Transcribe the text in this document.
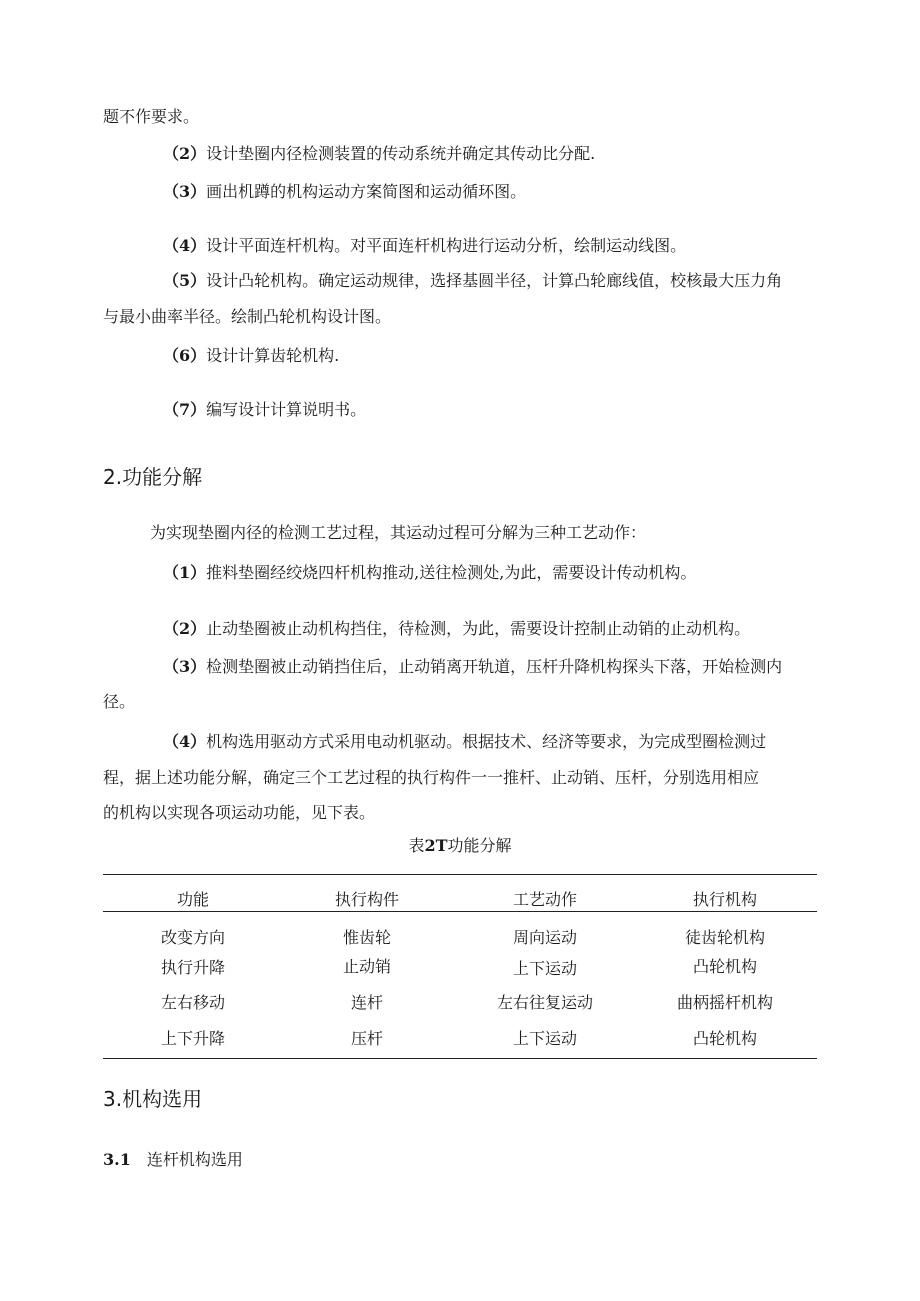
题不作要求。
（2）设计垫圈内径检测装置的传动系统并确定其传动比分配.
（3）画出机蹲的机构运动方案简图和运动循环图。
（4）设计平面连杆机构。对平面连杆机构进行运动分析，绘制运动线图。
（5）设计凸轮机构。确定运动规律，选择基圆半径，计算凸轮廊线值，校核最大压力角
与最小曲率半径。绘制凸轮机构设计图。
（6）设计计算齿轮机构.
（7）编写设计计算说明书。
2.功能分解
为实现垫圈内径的检测工艺过程，其运动过程可分解为三种工艺动作：
（1）推料垫圈经绞烧四杆机构推动,送往检测处,为此，需要设计传动机构。
（2）止动垫圈被止动机构挡住，待检测，为此，需要设计控制止动销的止动机构。
（3）检测垫圈被止动销挡住后，止动销离开轨道，压杆升降机构探头下落，开始检测内
径。
（4）机构选用驱动方式采用电动机驱动。根据技术、经济等要求，为完成型圈检测过
程，据上述功能分解，确定三个工艺过程的执行构件一一推杆、止动销、压杆，分别选用相应
的机构以实现各项运动功能，见下表。
表2T功能分解
功能	执行构件	工艺动作	执行机构
改变方向	惟齿轮	周向运动	徒齿轮机构
执行升降	止动销	上下运动	凸轮机构
左右移动	连杆	左右往复运动	曲柄摇杆机构
上下升降	压杆	上下运动	凸轮机构
3.机构选用
3.1 连杆机构选用
